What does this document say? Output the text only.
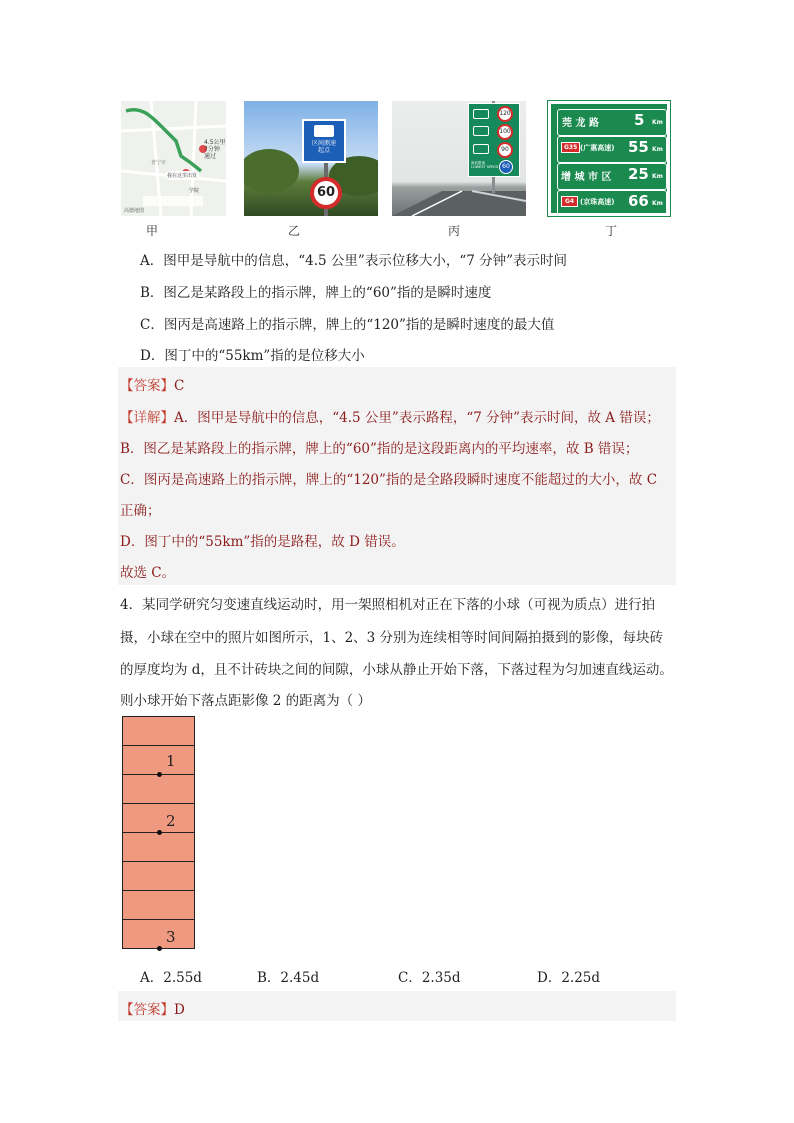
4.5公里
7分钟
通过
普宁市
我在这里出发
学院
高德地图
区间测速
起点
60
120
100
90
最低限速
LOWEST SPEED 60
莞 龙 路 5 Km
G35 (广惠高速) 55 Km
增 城 市 区 25 Km
G4 (京珠高速) 66 Km
甲	乙	丙	丁
A．图甲是导航中的信息，“4.5 公里”表示位移大小，“7 分钟”表示时间
B．图乙是某路段上的指示牌，牌上的“60”指的是瞬时速度
C．图丙是高速路上的指示牌，牌上的“120”指的是瞬时速度的最大值
D．图丁中的“55km”指的是位移大小
【答案】C
【详解】A．图甲是导航中的信息，“4.5 公里”表示路程，“7 分钟”表示时间，故 A 错误；
B．图乙是某路段上的指示牌，牌上的“60”指的是这段距离内的平均速率，故 B 错误；
C．图丙是高速路上的指示牌，牌上的“120”指的是全路段瞬时速度不能超过的大小，故 C
正确；
D．图丁中的“55km”指的是路程，故 D 错误。
故选 C。
4．某同学研究匀变速直线运动时，用一架照相机对正在下落的小球（可视为质点）进行拍
摄，小球在空中的照片如图所示，1、2、3 分别为连续相等时间间隔拍摄到的影像，每块砖
的厚度均为 d，且不计砖块之间的间隙，小球从静止开始下落，下落过程为匀加速直线运动。
则小球开始下落点距影像 2 的距离为（ ）
1
2
3
A．2.55d	B．2.45d	C．2.35d	D．2.25d
【答案】D
